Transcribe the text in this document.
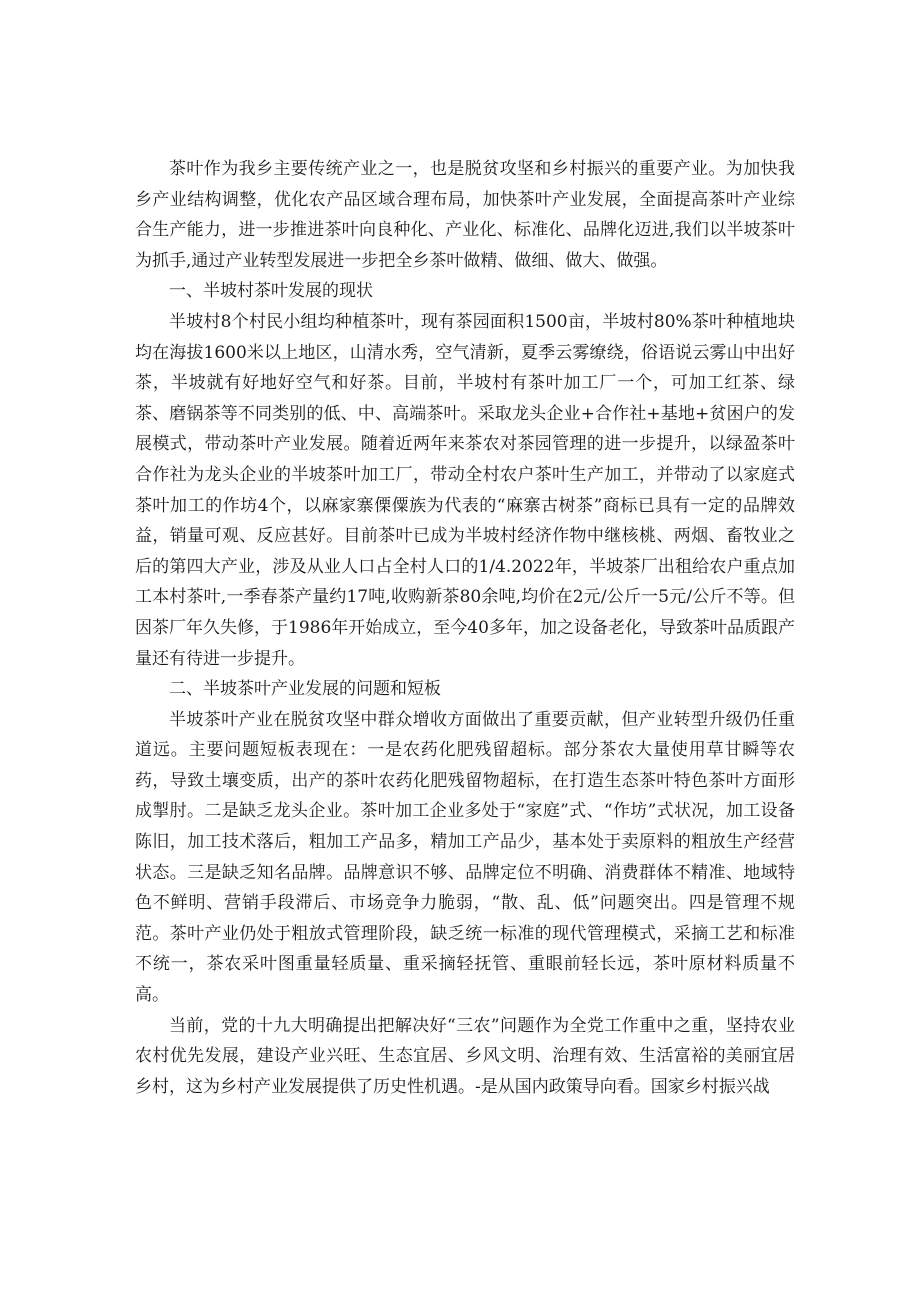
茶叶作为我乡主要传统产业之一，也是脱贫攻坚和乡村振兴的重要产业。为加快我乡产业结构调整，优化农产品区域合理布局，加快茶叶产业发展，全面提高茶叶产业综合生产能力，进一步推进茶叶向良种化、产业化、标准化、品牌化迈进,我们以半坡茶叶为抓手,通过产业转型发展进一步把全乡茶叶做精、做细、做大、做强。

一、半坡村茶叶发展的现状

半坡村8个村民小组均种植茶叶，现有茶园面积1500亩，半坡村80%茶叶种植地块均在海拔1600米以上地区，山清水秀，空气清新，夏季云雾缭绕，俗语说云雾山中出好茶，半坡就有好地好空气和好茶。目前，半坡村有茶叶加工厂一个，可加工红茶、绿茶、磨锅茶等不同类别的低、中、高端茶叶。采取龙头企业+合作社+基地+贫困户的发展模式，带动茶叶产业发展。随着近两年来茶农对茶园管理的进一步提升，以绿盈茶叶合作社为龙头企业的半坡茶叶加工厂，带动全村农户茶叶生产加工，并带动了以家庭式茶叶加工的作坊4个，以麻家寨傈僳族为代表的“麻寨古树茶”商标已具有一定的品牌效益，销量可观、反应甚好。目前茶叶已成为半坡村经济作物中继核桃、两烟、畜牧业之后的第四大产业，涉及从业人口占全村人口的1/4.2022年，半坡茶厂出租给农户重点加工本村茶叶,一季春茶产量约17吨,收购新茶80余吨,均价在2元/公斤一5元/公斤不等。但因茶厂年久失修，于1986年开始成立，至今40多年，加之设备老化，导致茶叶品质跟产量还有待进一步提升。

二、半坡茶叶产业发展的问题和短板

半坡茶叶产业在脱贫攻坚中群众增收方面做出了重要贡献，但产业转型升级仍任重道远。主要问题短板表现在：一是农药化肥残留超标。部分茶农大量使用草甘瞬等农药，导致土壤变质，出产的茶叶农药化肥残留物超标，在打造生态茶叶特色茶叶方面形成掣肘。二是缺乏龙头企业。茶叶加工企业多处于“家庭”式、“作坊”式状况，加工设备陈旧，加工技术落后，粗加工产品多，精加工产品少，基本处于卖原料的粗放生产经营状态。三是缺乏知名品牌。品牌意识不够、品牌定位不明确、消费群体不精准、地域特色不鲜明、营销手段滞后、市场竞争力脆弱，“散、乱、低”问题突出。四是管理不规范。茶叶产业仍处于粗放式管理阶段，缺乏统一标准的现代管理模式，采摘工艺和标准不统一，茶农采叶图重量轻质量、重采摘轻抚管、重眼前轻长远，茶叶原材料质量不高。

当前，党的十九大明确提出把解决好“三农”问题作为全党工作重中之重，坚持农业农村优先发展，建设产业兴旺、生态宜居、乡风文明、治理有效、生活富裕的美丽宜居乡村，这为乡村产业发展提供了历史性机遇。-是从国内政策导向看。国家乡村振兴战
